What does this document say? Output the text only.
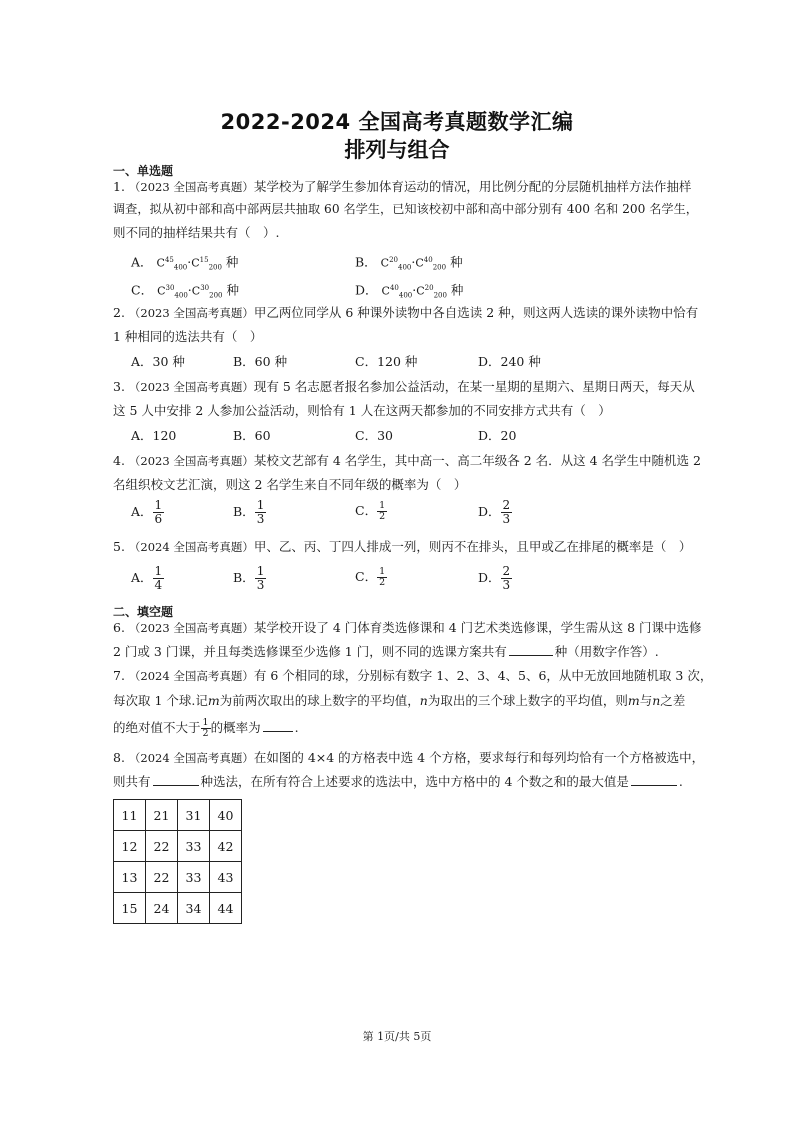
2022-2024 全国高考真题数学汇编
排列与组合
一、单选题
1. （2023 全国高考真题）某学校为了解学生参加体育运动的情况，用比例分配的分层随机抽样方法作抽样
调查，拟从初中部和高中部两层共抽取 60 名学生，已知该校初中部和高中部分别有 400 名和 200 名学生，
则不同的抽样结果共有（　）.
A． $C^{45}_{400}\cdot C^{15}_{200}$ 种	B． $C^{20}_{400}\cdot C^{40}_{200}$ 种
C． $C^{30}_{400}\cdot C^{30}_{200}$ 种	D． $C^{40}_{400}\cdot C^{20}_{200}$ 种
2. （2023 全国高考真题）甲乙两位同学从 6 种课外读物中各自选读 2 种，则这两人选读的课外读物中恰有
1 种相同的选法共有（　）
A．30 种	B．60 种	C．120 种	D．240 种
3. （2023 全国高考真题）现有 5 名志愿者报名参加公益活动，在某一星期的星期六、星期日两天，每天从
这 5 人中安排 2 人参加公益活动，则恰有 1 人在这两天都参加的不同安排方式共有（　）
A．120	B．60	C．30	D．20
4. （2023 全国高考真题）某校文艺部有 4 名学生，其中高一、高二年级各 2 名．从这 4 名学生中随机选 2
名组织校文艺汇演，则这 2 名学生来自不同年级的概率为（　）
A． $\frac{1}{6}$	B． $\frac{1}{3}$	C． $\frac{1}{2}$	D． $\frac{2}{3}$
5. （2024 全国高考真题）甲、乙、丙、丁四人排成一列，则丙不在排头，且甲或乙在排尾的概率是（　）
A． $\frac{1}{4}$	B． $\frac{1}{3}$	C． $\frac{1}{2}$	D． $\frac{2}{3}$
二、填空题
6. （2023 全国高考真题）某学校开设了 4 门体育类选修课和 4 门艺术类选修课，学生需从这 8 门课中选修
2 门或 3 门课，并且每类选修课至少选修 1 门，则不同的选课方案共有	种（用数字作答）.
7. （2024 全国高考真题）有 6 个相同的球，分别标有数字 1、2、3、4、5、6，从中无放回地随机取 3 次，
每次取 1 个球.记m为前两次取出的球上数字的平均值，n为取出的三个球上数字的平均值，则m与n之差
的绝对值不大于 $\frac{1}{2}$ 的概率为	.
8. （2024 全国高考真题）在如图的 4×4 的方格表中选 4 个方格，要求每行和每列均恰有一个方格被选中，
则共有	种选法，在所有符合上述要求的选法中，选中方格中的 4 个数之和的最大值是	.
11	21	31	40
12	22	33	42
13	22	33	43
15	24	34	44
第 1页/共 5页
